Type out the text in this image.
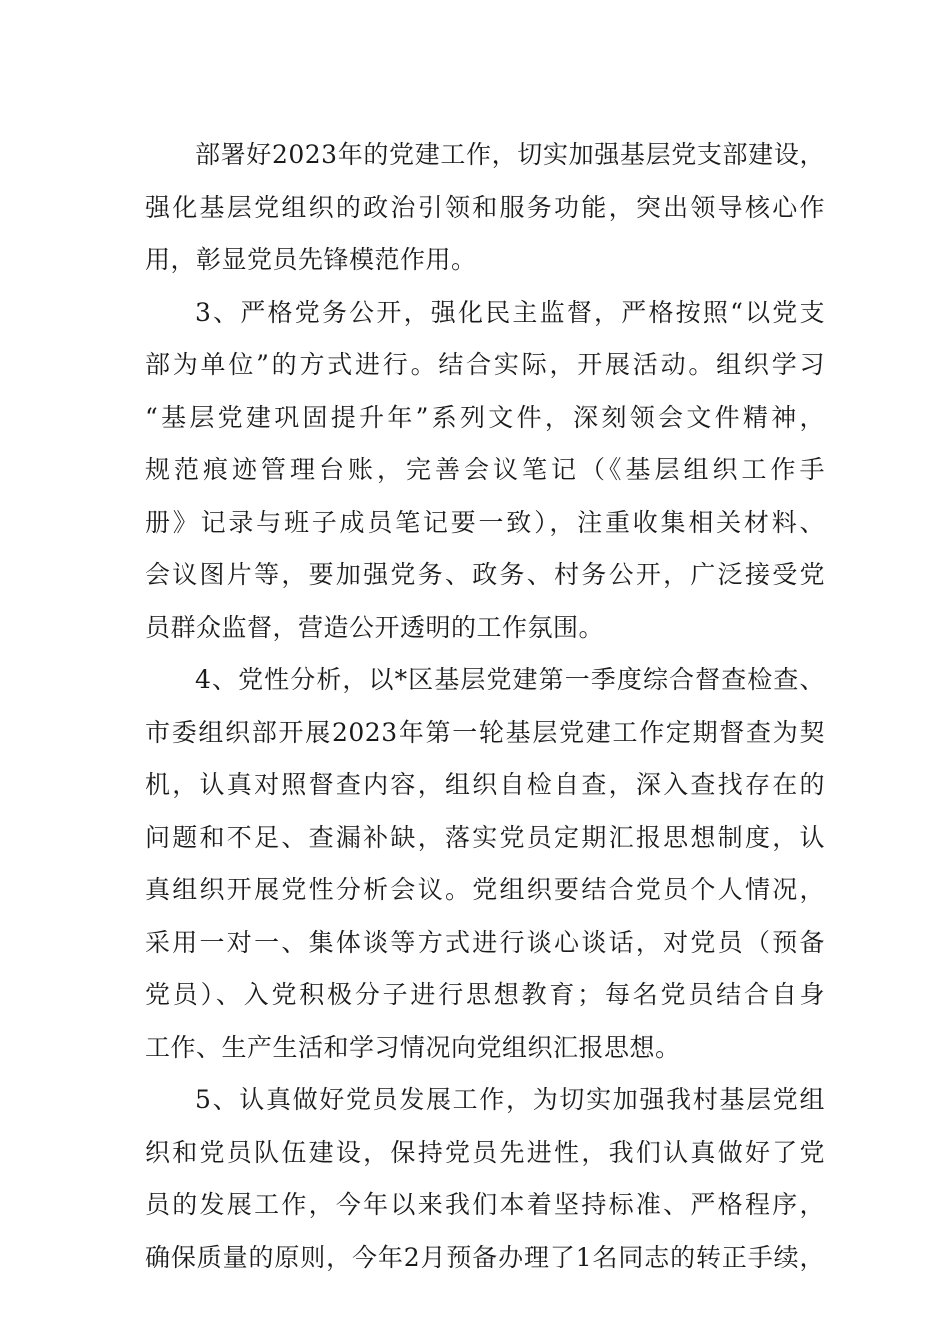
部署好2023年的党建工作，切实加强基层党支部建设，
强化基层党组织的政治引领和服务功能，突出领导核心作
用，彰显党员先锋模范作用。

3、严格党务公开，强化民主监督，严格按照“以党支
部为单位”的方式进行。结合实际，开展活动。组织学习
“基层党建巩固提升年”系列文件，深刻领会文件精神，
规范痕迹管理台账，完善会议笔记（《基层组织工作手
册》记录与班子成员笔记要一致），注重收集相关材料、
会议图片等，要加强党务、政务、村务公开，广泛接受党
员群众监督，营造公开透明的工作氛围。

4、党性分析，以*区基层党建第一季度综合督查检查、
市委组织部开展2023年第一轮基层党建工作定期督查为契
机，认真对照督查内容，组织自检自查，深入查找存在的
问题和不足、查漏补缺，落实党员定期汇报思想制度，认
真组织开展党性分析会议。党组织要结合党员个人情况，
采用一对一、集体谈等方式进行谈心谈话，对党员（预备
党员）、入党积极分子进行思想教育；每名党员结合自身
工作、生产生活和学习情况向党组织汇报思想。

5、认真做好党员发展工作，为切实加强我村基层党组
织和党员队伍建设，保持党员先进性，我们认真做好了党
员的发展工作，今年以来我们本着坚持标准、严格程序，
确保质量的原则，今年2月预备办理了1名同志的转正手续，
